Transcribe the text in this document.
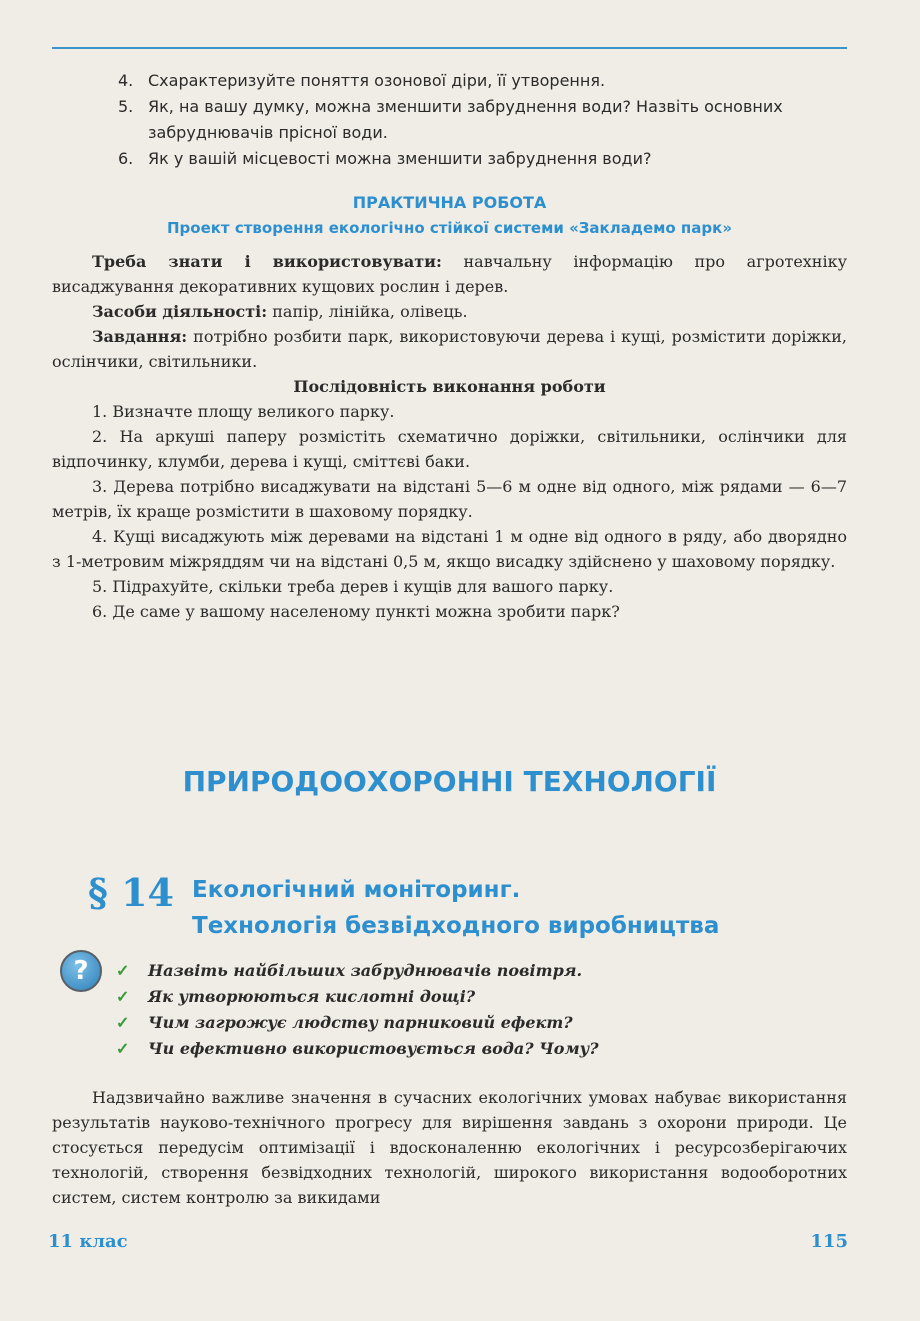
4. Схарактеризуйте поняття озонової діри, її утворення.
5. Як, на вашу думку, можна зменшити забруднення води? Назвіть основних забруднювачів прісної води.
6. Як у вашій місцевості можна зменшити забруднення води?
ПРАКТИЧНА РОБОТА
Проект створення екологічно стійкої системи «Закладемо парк»

Треба знати і використовувати: навчальну інформацію про агротехніку висаджування декоративних кущових рослин і дерев.

Засоби діяльності: папір, лінійка, олівець.

Завдання: потрібно розбити парк, використовуючи дерева і кущі, розмістити доріжки, ослінчики, світильники.

Послідовність виконання роботи

1. Визначте площу великого парку.

2. На аркуші паперу розмістіть схематично доріжки, світильники, ослінчики для відпочинку, клумби, дерева і кущі, сміттєві баки.

3. Дерева потрібно висаджувати на відстані 5—6 м одне від одного, між рядами — 6—7 метрів, їх краще розмістити в шаховому порядку.

4. Кущі висаджують між деревами на відстані 1 м одне від одного в ряду, або дворядно з 1-метровим міжряддям чи на відстані 0,5 м, якщо висадку здійснено у шаховому порядку.

5. Підрахуйте, скільки треба дерев і кущів для вашого парку.

6. Де саме у вашому населеному пункті можна зробити парк?

ПРИРОДООХОРОННІ ТЕХНОЛОГІЇ
§ 14 Екологічний моніторинг.
Технологія безвідходного виробництва
?	✓	Назвіть найбільших забруднювачів повітря.
✓	Як утворюються кислотні дощі?
✓	Чим загрожує людству парниковий ефект?
✓	Чи ефективно використовується вода? Чому?

Надзвичайно важливе значення в сучасних екологічних умовах набуває використання результатів науково-технічного прогресу для вирішення завдань з охорони природи. Це стосується передусім оптимізації і вдосконаленню екологічних і ресурсозберігаючих технологій, створення безвідходних технологій, широкого використання водооборотних систем, систем контролю за викидами

11 клас	115
